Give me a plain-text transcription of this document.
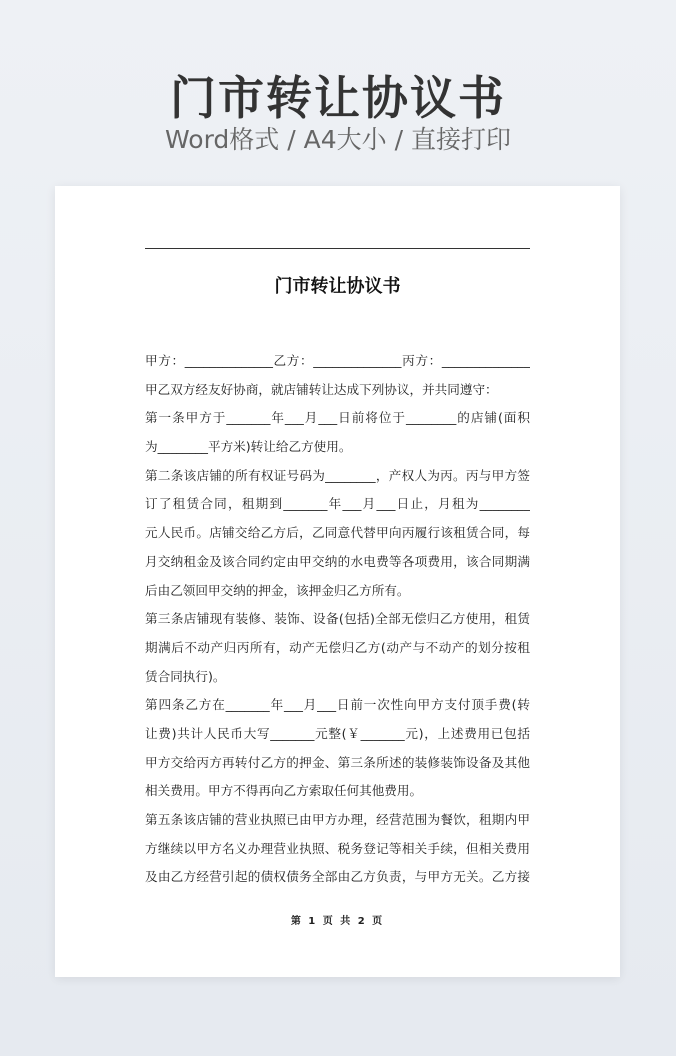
门市转让协议书
Word格式 / A4大小 / 直接打印
门市转让协议书
甲方：______________乙方：______________丙方：______________
甲乙双方经友好协商，就店铺转让达成下列协议，并共同遵守：
第一条甲方于_______年___月___日前将位于________的店铺(面积
为________平方米)转让给乙方使用。
第二条该店铺的所有权证号码为________，产权人为丙。丙与甲方签
订了租赁合同，租期到_______年___月___日止，月租为________
元人民币。店铺交给乙方后，乙同意代替甲向丙履行该租赁合同，每
月交纳租金及该合同约定由甲交纳的水电费等各项费用，该合同期满
后由乙领回甲交纳的押金，该押金归乙方所有。
第三条店铺现有装修、装饰、设备(包括)全部无偿归乙方使用，租赁
期满后不动产归丙所有，动产无偿归乙方(动产与不动产的划分按租
赁合同执行)。
第四条乙方在_______年___月___日前一次性向甲方支付顶手费(转
让费)共计人民币大写_______元整(￥_______元)，上述费用已包括
甲方交给丙方再转付乙方的押金、第三条所述的装修装饰设备及其他
相关费用。甲方不得再向乙方索取任何其他费用。
第五条该店铺的营业执照已由甲方办理，经营范围为餐饮，租期内甲
方继续以甲方名义办理营业执照、税务登记等相关手续，但相关费用
及由乙方经营引起的债权债务全部由乙方负责，与甲方无关。乙方接
第 1 页 共 2 页
